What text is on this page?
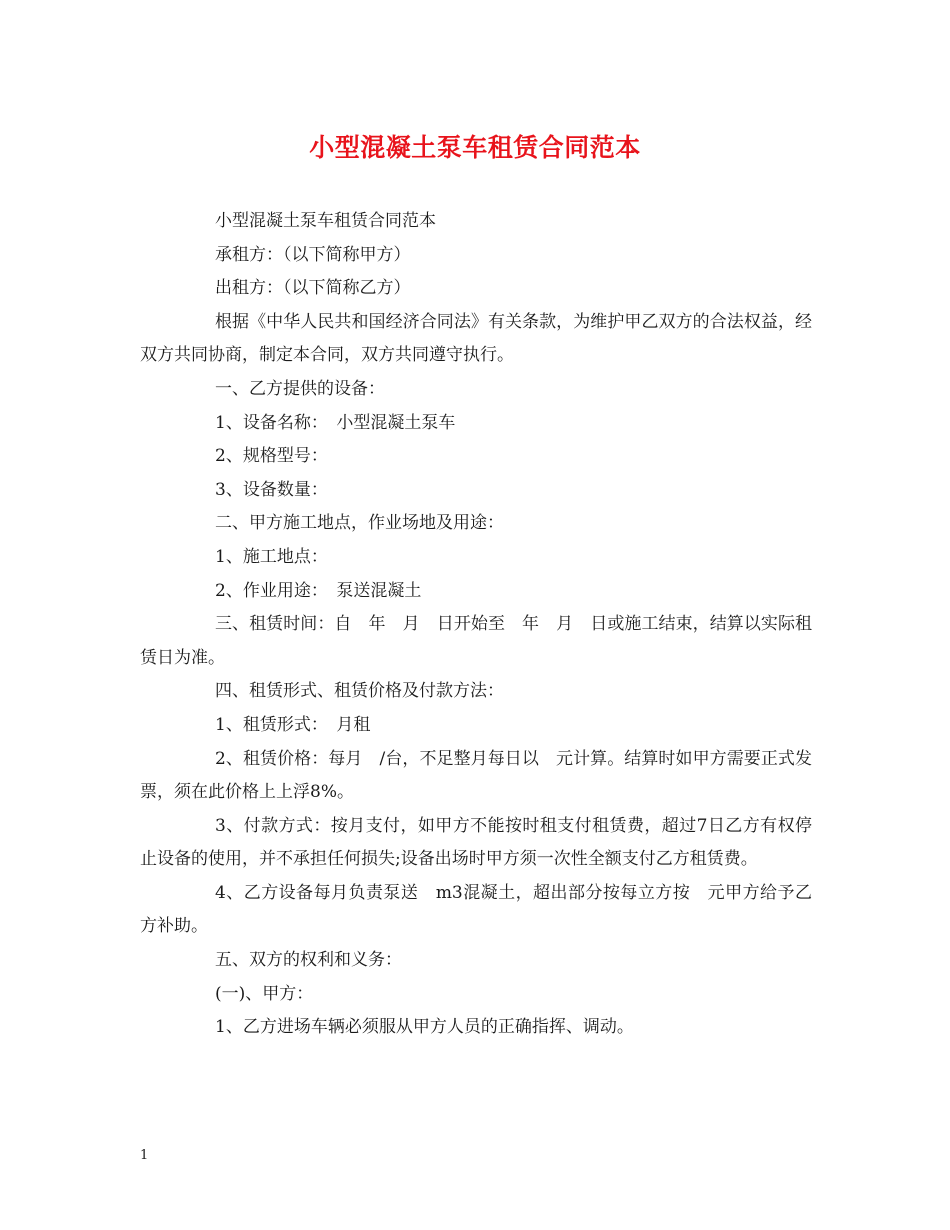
小型混凝土泵车租赁合同范本

小型混凝土泵车租赁合同范本

承租方：（以下简称甲方）

出租方：（以下简称乙方）

根据《中华人民共和国经济合同法》有关条款，为维护甲乙双方的合法权益，经双方共同协商，制定本合同，双方共同遵守执行。

一、乙方提供的设备：

1、设备名称：　小型混凝土泵车

2、规格型号：

3、设备数量：

二、甲方施工地点，作业场地及用途：

1、施工地点：

2、作业用途：　泵送混凝土

三、租赁时间：自　年　月　日开始至　年　月　日或施工结束，结算以实际租赁日为准。

四、租赁形式、租赁价格及付款方法：

1、租赁形式：　月租

2、租赁价格：每月　/台，不足整月每日以　元计算。结算时如甲方需要正式发票，须在此价格上上浮8%。

3、付款方式：按月支付，如甲方不能按时租支付租赁费，超过7日乙方有权停止设备的使用，并不承担任何损失;设备出场时甲方须一次性全额支付乙方租赁费。

4、乙方设备每月负责泵送　m3混凝土，超出部分按每立方按　元甲方给予乙方补助。

五、双方的权利和义务：

(一)、甲方：

1、乙方进场车辆必须服从甲方人员的正确指挥、调动。

1
